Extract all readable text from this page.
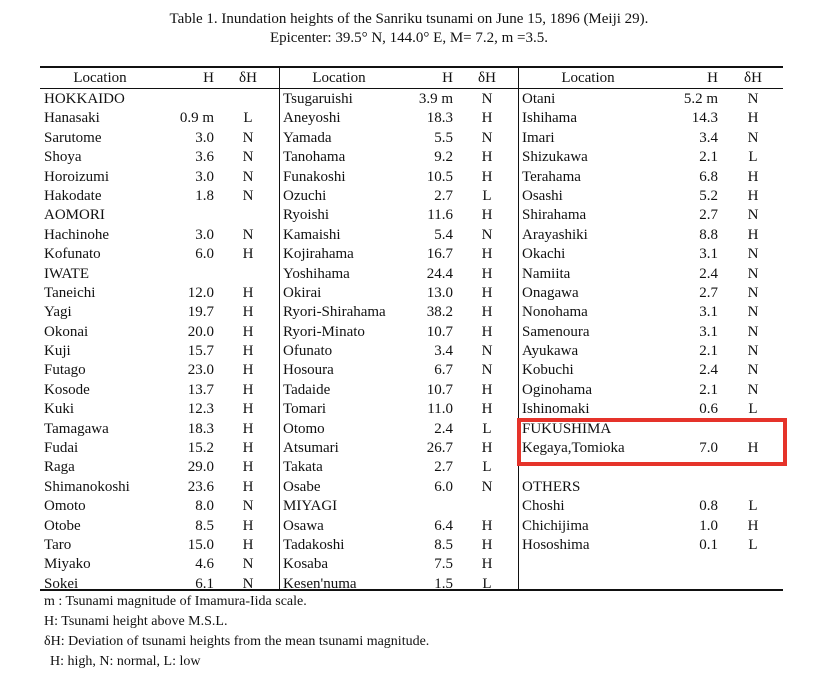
Table 1. Inundation heights of the Sanriku tsunami on June 15, 1896 (Meiji 29).
Epicenter: 39.5° N, 144.0° E, M= 7.2, m =3.5.
Location	H	δH
HOKKAIDO
Hanasaki	0.9 m	L
Sarutome	3.0	N
Shoya	3.6	N
Horoizumi	3.0	N
Hakodate	1.8	N
AOMORI
Hachinohe	3.0	N
Kofunato	6.0	H
IWATE
Taneichi	12.0	H
Yagi	19.7	H
Okonai	20.0	H
Kuji	15.7	H
Futago	23.0	H
Kosode	13.7	H
Kuki	12.3	H
Tamagawa	18.3	H
Fudai	15.2	H
Raga	29.0	H
Shimanokoshi	23.6	H
Omoto	8.0	N
Otobe	8.5	H
Taro	15.0	H
Miyako	4.6	N
Sokei	6.1	N
Location	H	δH
Tsugaruishi	3.9 m	N
Aneyoshi	18.3	H
Yamada	5.5	N
Tanohama	9.2	H
Funakoshi	10.5	H
Ozuchi	2.7	L
Ryoishi	11.6	H
Kamaishi	5.4	N
Kojirahama	16.7	H
Yoshihama	24.4	H
Okirai	13.0	H
Ryori-Shirahama	38.2	H
Ryori-Minato	10.7	H
Ofunato	3.4	N
Hosoura	6.7	N
Tadaide	10.7	H
Tomari	11.0	H
Otomo	2.4	L
Atsumari	26.7	H
Takata	2.7	L
Osabe	6.0	N
MIYAGI
Osawa	6.4	H
Tadakoshi	8.5	H
Kosaba	7.5	H
Kesen'numa	1.5	L
Location	H	δH
Otani	5.2 m	N
Ishihama	14.3	H
Imari	3.4	N
Shizukawa	2.1	L
Terahama	6.8	H
Osashi	5.2	H
Shirahama	2.7	N
Arayashiki	8.8	H
Okachi	3.1	N
Namiita	2.4	N
Onagawa	2.7	N
Nonohama	3.1	N
Samenoura	3.1	N
Ayukawa	2.1	N
Kobuchi	2.4	N
Oginohama	2.1	N
Ishinomaki	0.6	L
FUKUSHIMA
Kegaya,Tomioka	7.0	H
OTHERS
Choshi	0.8	L
Chichijima	1.0	H
Hososhima	0.1	L
m : Tsunami magnitude of Imamura-Iida scale.
H: Tsunami height above M.S.L.
δH: Deviation of tsunami heights from the mean tsunami magnitude.
H: high, N: normal, L: low
